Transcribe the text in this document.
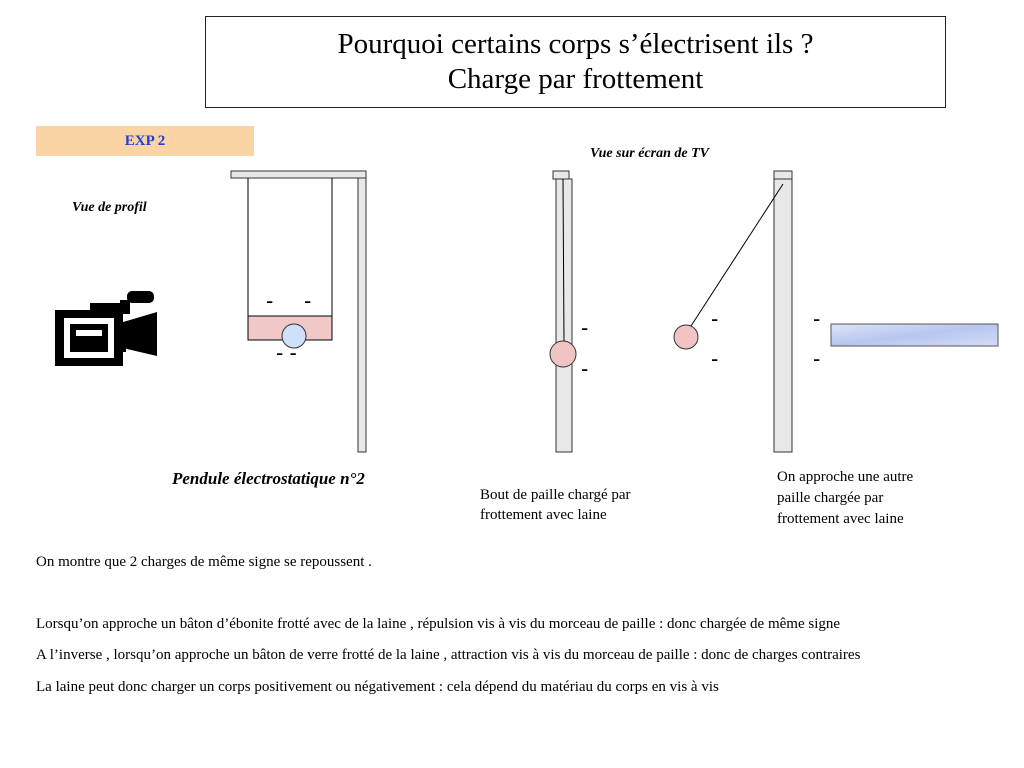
Pourquoi certains corps s’électrisent ils ?
Charge par frottement
EXP 2
- -
- -
-
-
-
-
-
-
Vue de profil
Vue sur écran de TV
Pendule électrostatique n°2
Bout de paille chargé par
frottement avec laine
On approche une autre
paille chargée par
frottement avec laine
On montre que 2 charges de même signe se repoussent .
Lorsqu’on approche un bâton d’ébonite frotté avec de la laine , répulsion vis à vis du morceau de paille : donc chargée de même signe
A l’inverse , lorsqu’on approche un bâton de verre frotté de la laine , attraction vis à vis du morceau de paille : donc de charges contraires
La laine peut donc charger un corps positivement ou négativement : cela dépend du matériau du corps en vis à vis
